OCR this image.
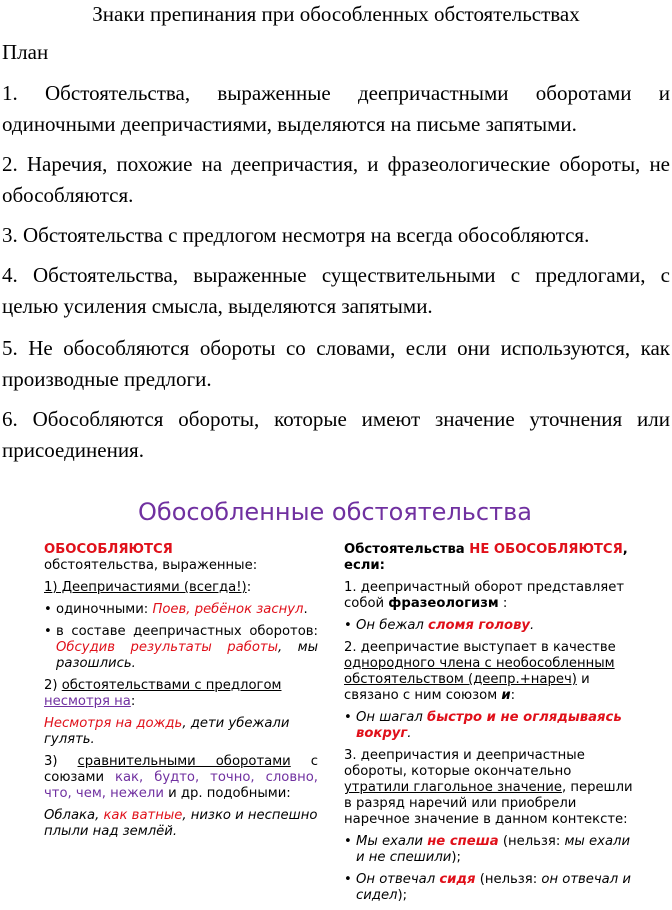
Знаки препинания при обособленных обстоятельствах
План
1. Обстоятельства, выраженные деепричастными оборотами и одиночными деепричастиями, выделяются на письме запятыми.
2. Наречия, похожие на деепричастия, и фразеологические обороты, не обособляются.
3. Обстоятельства с предлогом несмотря на всегда обособляются.
4. Обстоятельства, выраженные существительными с предлогами, с целью усиления смысла, выделяются запятыми.
5. Не обособляются обороты со словами, если они используются, как производные предлоги.
6. Обособляются обороты, которые имеют значение уточнения или присоединения.
Обособленные обстоятельства

ОБОСОБЛЯЮТСЯ             обстоятельства, выраженные:

1) Деепричастиями (всегда!):

• одиночными: Поев, ребёнок заснул.

• в составе деепричастных оборотов: Обсудив результаты работы, мы разошлись.

2) обстоятельствами с предлогом   несмотря на:

Несмотря на дождь, дети убежали гулять.

3) сравнительными оборотами с союзами как, будто, точно, словно, что, чем, нежели и др. подобными:

Облака, как ватные, низко и неспешно плыли над землёй.

Обстоятельства НЕ ОБОСОБЛЯЮТСЯ, если:

1. деепричастный оборот представляет собой фразеологизм :

• Он бежал сломя голову.

2. деепричастие выступает в качестве однородного члена с необособленным обстоятельством (деепр.+нареч) и связано с ним союзом и:

• Он шагал быстро и не оглядываясь вокруг.

3. деепричастия и деепричастные обороты, которые окончательно утратили глагольное значение, перешли в разряд наречий или приобрели наречное значение в данном контексте:

• Мы ехали не спеша (нельзя: мы ехали и не спешили);

• Он отвечал сидя (нельзя: он отвечал и сидел);
